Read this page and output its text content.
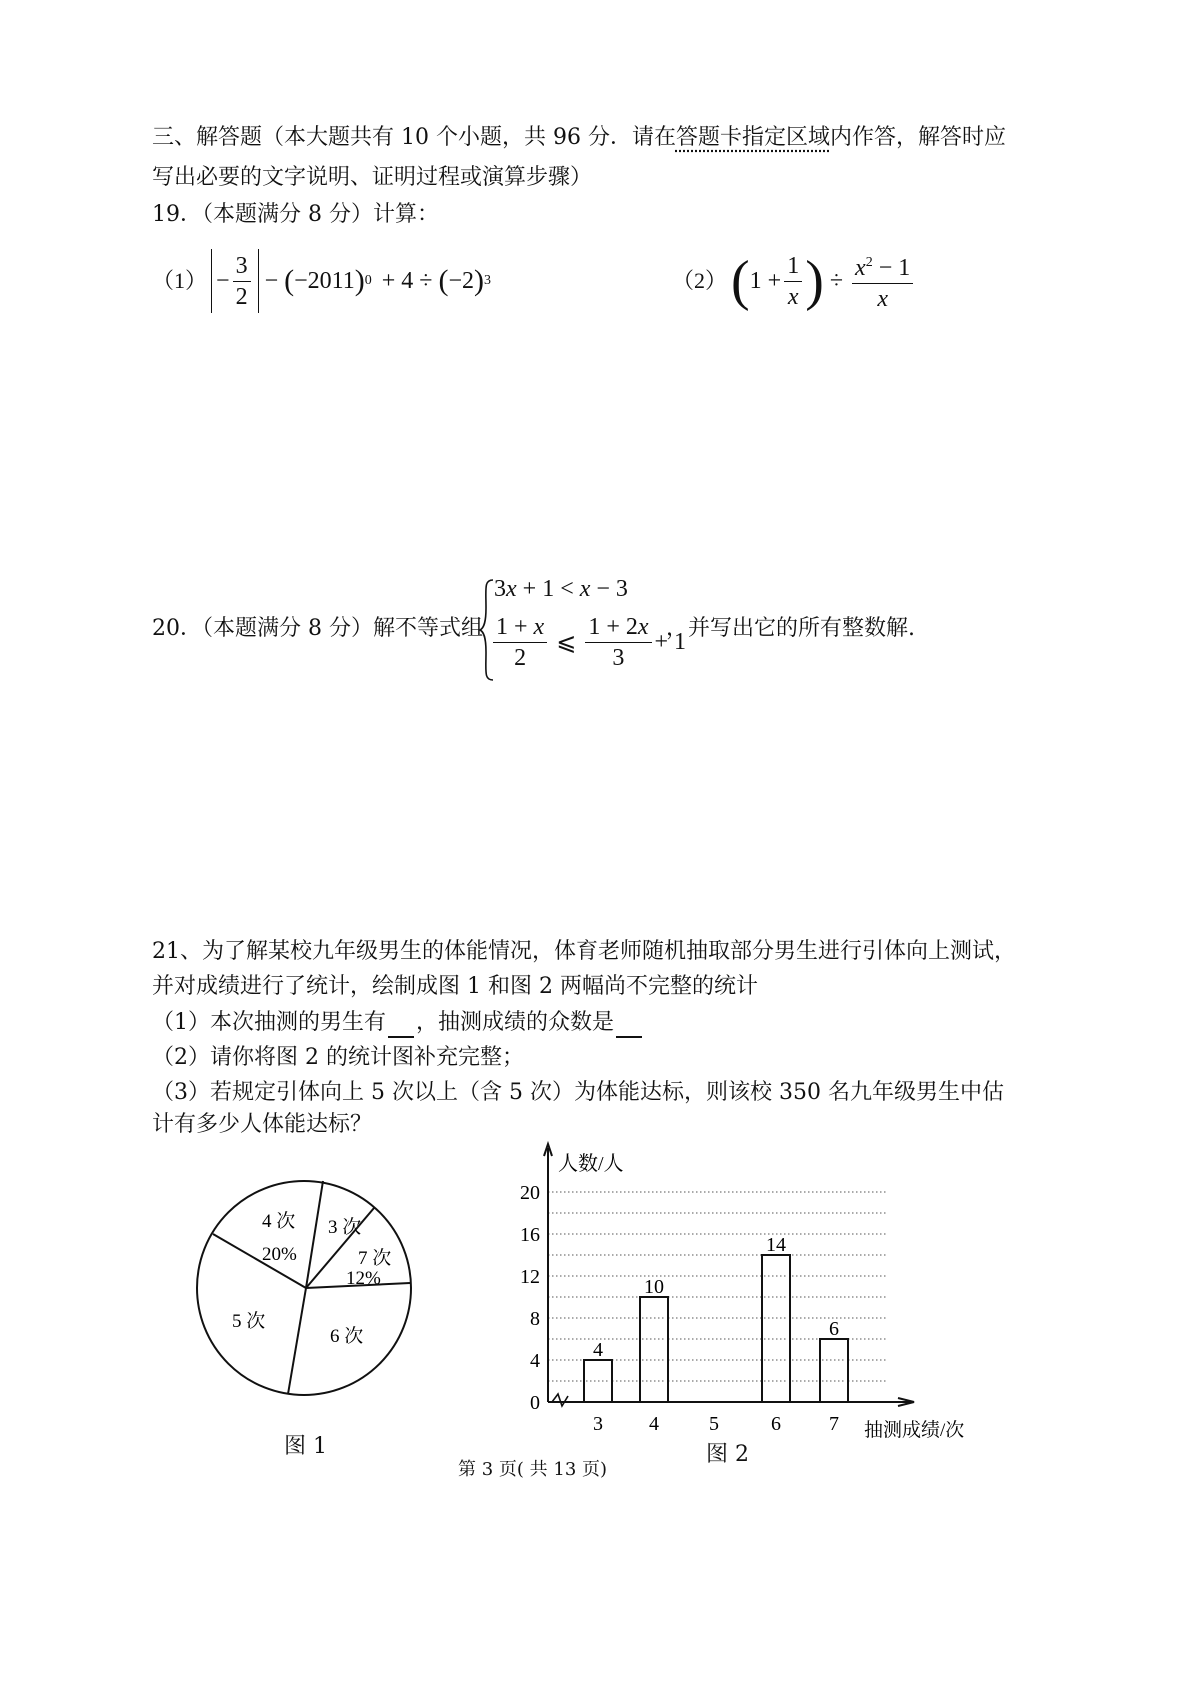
三、解答题（本大题共有 10 个小题，共 96 分．请在答题卡指定区域内作答，解答时应
写出必要的文字说明、证明过程或演算步骤）
19．（本题满分 8 分）计算：
$(1) - \frac{3}{2}$ − ( −2011 ) 0 + 4 ÷ ( −2 ) 3	（2） ( $1 + \frac{1}{x}$ ) ÷ $\frac{x^2 - 1}{x}$
20．（本题满分 8 分）解不等式组
3x + 1 < x − 3
$\frac{1 + x}{2}$ ⩽ $\frac{1 + 2x}{3} + 1$
，并写出它的所有整数解.
21、为了解某校九年级男生的体能情况，体育老师随机抽取部分男生进行引体向上测试，
并对成绩进行了统计，绘制成图 1 和图 2 两幅尚不完整的统计
（1）本次抽测的男生有 ，抽测成绩的众数是
（2）请你将图 2 的统计图补充完整；
（3）若规定引体向上 5 次以上（含 5 次）为体能达标，则该校 350 名九年级男生中估
计有多少人体能达标？
4 次
20%
3 次
7 次
12%
5 次
6 次
图 1
人数/人
抽测成绩/次
0
4
8
12
16
20
3 4	5	6 7
4
10
14
6
图 2
第 3 页( 共 13 页)
